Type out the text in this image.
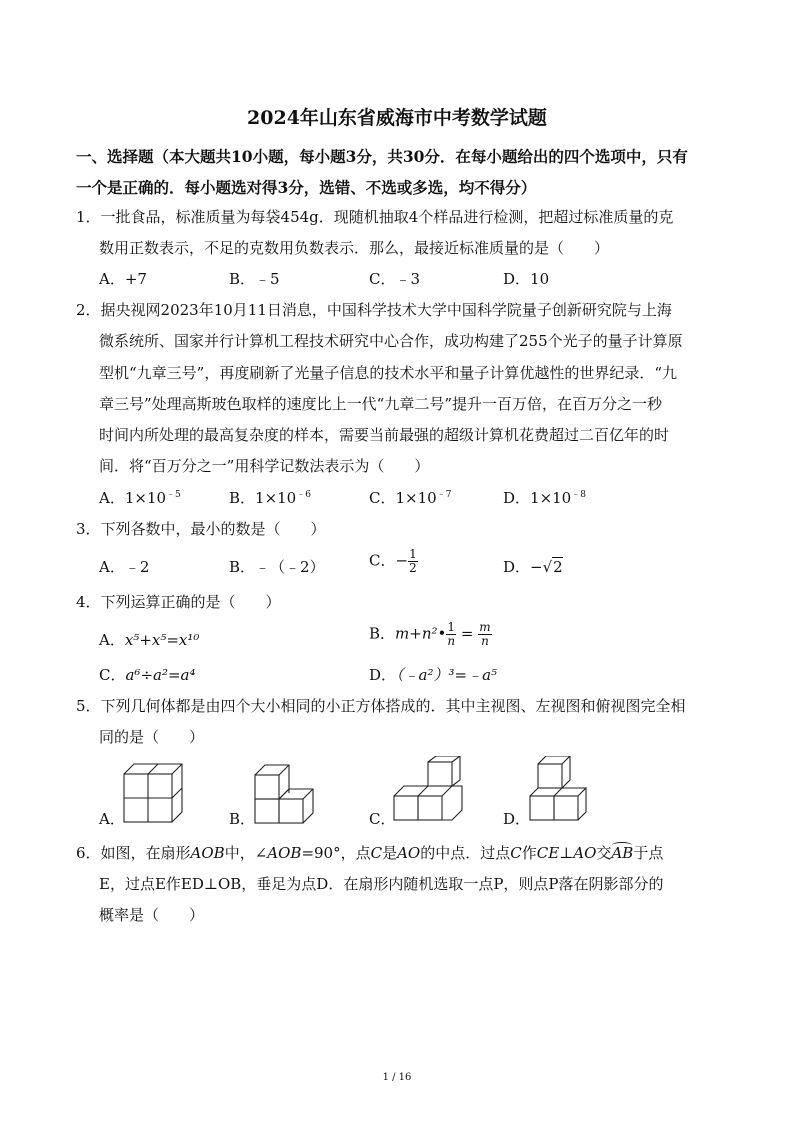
2024年山东省威海市中考数学试题
一、选择题（本大题共10小题，每小题3分，共30分．在每小题给出的四个选项中，只有
一个是正确的．每小题选对得3分，选错、不选或多选，均不得分）
1．一批食品，标准质量为每袋454g．现随机抽取4个样品进行检测，把超过标准质量的克
数用正数表示，不足的克数用负数表示．那么，最接近标准质量的是（　　）
A．+7	B．﹣5	C．﹣3	D．10
2．据央视网2023年10月11日消息，中国科学技术大学中国科学院量子创新研究院与上海
微系统所、国家并行计算机工程技术研究中心合作，成功构建了255个光子的量子计算原
型机“九章三号”，再度刷新了光量子信息的技术水平和量子计算优越性的世界纪录．“九
章三号”处理高斯玻色取样的速度比上一代“九章二号”提升一百万倍，在百万分之一秒
时间内所处理的最高复杂度的样本，需要当前最强的超级计算机花费超过二百亿年的时
间．将“百万分之一”用科学记数法表示为（　　）
A．$1\times 10^{﹣5}$	B．$1\times 10^{﹣6}$	C．$1\times 10^{﹣7}$	D．$1\times 10^{﹣8}$
3．下列各数中，最小的数是（　　）
A．﹣2	B．﹣（﹣2）	C．− $\frac{1}{2}$	D．−√2
4．下列运算正确的是（　　）
A．x⁵+x⁵=x¹⁰	B．m+n²• $\frac{1}{n} = \frac{m}{n}$
C．a⁶÷a²=a⁴	D．（﹣a²）³=﹣a⁵
5．下列几何体都是由四个大小相同的小正方体搭成的．其中主视图、左视图和俯视图完全相
同的是（　　）
A．	B．	C．	D．
6．如图，在扇形AOB中，∠AOB=90°，点C是AO的中点．过点C作CE⊥AO交AB于点
E，过点E作ED⊥OB，垂足为点D．在扇形内随机选取一点P，则点P落在阴影部分的
概率是（　　）
1 / 16
